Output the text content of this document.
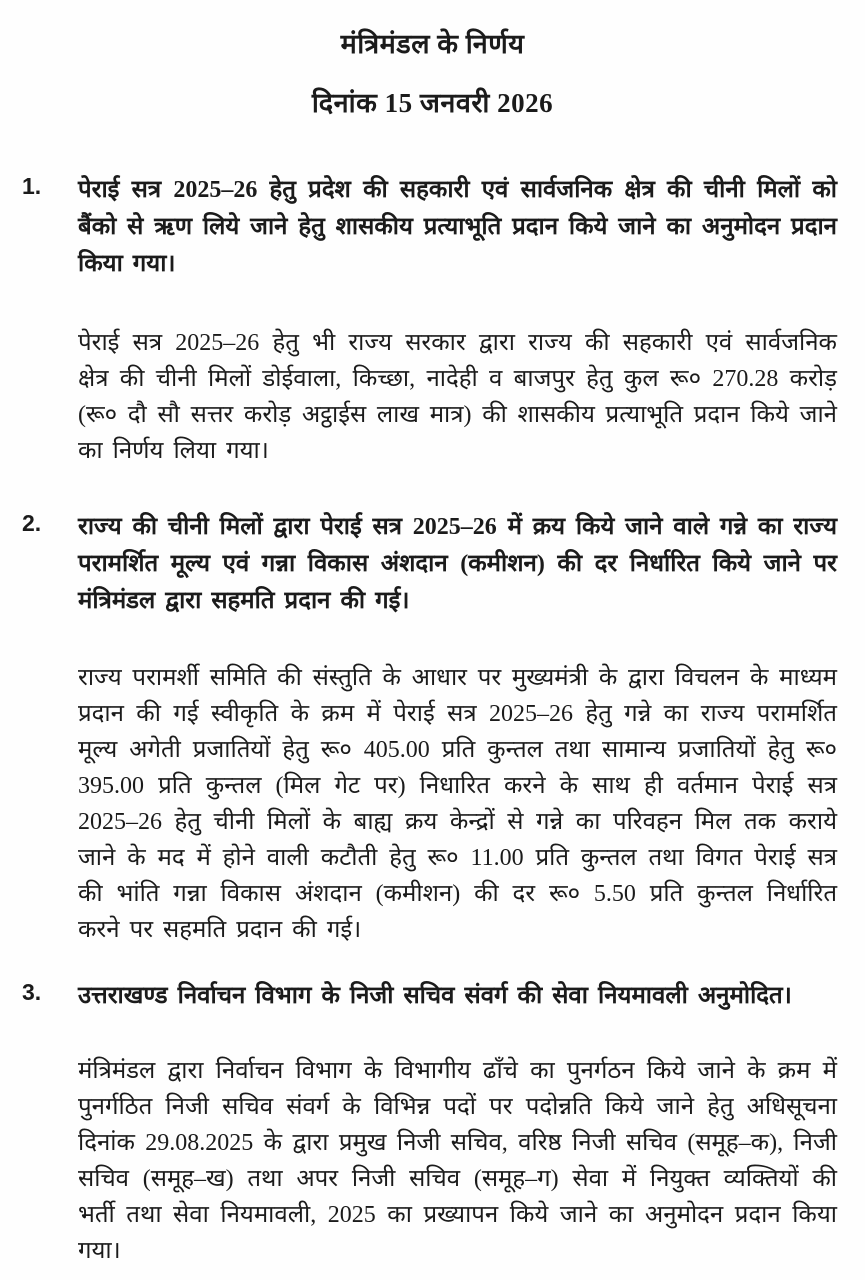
मंत्रिमंडल के निर्णय
दिनांक 15 जनवरी 2026
1. पेराई सत्र 2025–26 हेतु प्रदेश की सहकारी एवं सार्वजनिक क्षेत्र की चीनी मिलों को बैंको से ऋण लिये जाने हेतु शासकीय प्रत्याभूति प्रदान किये जाने का अनुमोदन प्रदान किया गया।
पेराई सत्र 2025–26 हेतु भी राज्य सरकार द्वारा राज्य की सहकारी एवं सार्वजनिक क्षेत्र की चीनी मिलों डोईवाला, किच्छा, नादेही व बाजपुर हेतु कुल रू० 270.28 करोड़ (रू० दौ सौ सत्तर करोड़ अट्ठाईस लाख मात्र) की शासकीय प्रत्याभूति प्रदान किये जाने का निर्णय लिया गया।
2. राज्य की चीनी मिलों द्वारा पेराई सत्र 2025–26 में क्रय किये जाने वाले गन्ने का राज्य परामर्शित मूल्य एवं गन्ना विकास अंशदान (कमीशन) की दर निर्धारित किये जाने पर मंत्रिमंडल द्वारा सहमति प्रदान की गई।
राज्य परामर्शी समिति की संस्तुति के आधार पर मुख्यमंत्री के द्वारा विचलन के माध्यम प्रदान की गई स्वीकृति के क्रम में पेराई सत्र 2025–26 हेतु गन्ने का राज्य परामर्शित मूल्य अगेती प्रजातियों हेतु रू० 405.00 प्रति कुन्तल तथा सामान्य प्रजातियों हेतु रू० 395.00 प्रति कुन्तल (मिल गेट पर) निधारित करने के साथ ही वर्तमान पेराई सत्र 2025–26 हेतु चीनी मिलों के बाह्य क्रय केन्द्रों से गन्ने का परिवहन मिल तक कराये जाने के मद में होने वाली कटौती हेतु रू० 11.00 प्रति कुन्तल तथा विगत पेराई सत्र की भांति गन्ना विकास अंशदान (कमीशन) की दर रू० 5.50 प्रति कुन्तल निर्धारित करने पर सहमति प्रदान की गई।
3. उत्तराखण्ड निर्वाचन विभाग के निजी सचिव संवर्ग की सेवा नियमावली अनुमोदित।
मंत्रिमंडल द्वारा निर्वाचन विभाग के विभागीय ढाँचे का पुनर्गठन किये जाने के क्रम में पुनर्गठित निजी सचिव संवर्ग के विभिन्न पदों पर पदोन्नति किये जाने हेतु अधिसूचना दिनांक 29.08.2025 के द्वारा प्रमुख निजी सचिव, वरिष्ठ निजी सचिव (समूह–क), निजी सचिव (समूह–ख) तथा अपर निजी सचिव (समूह–ग) सेवा में नियुक्त व्यक्तियों की भर्ती तथा सेवा नियमावली, 2025 का प्रख्यापन किये जाने का अनुमोदन प्रदान किया गया।
